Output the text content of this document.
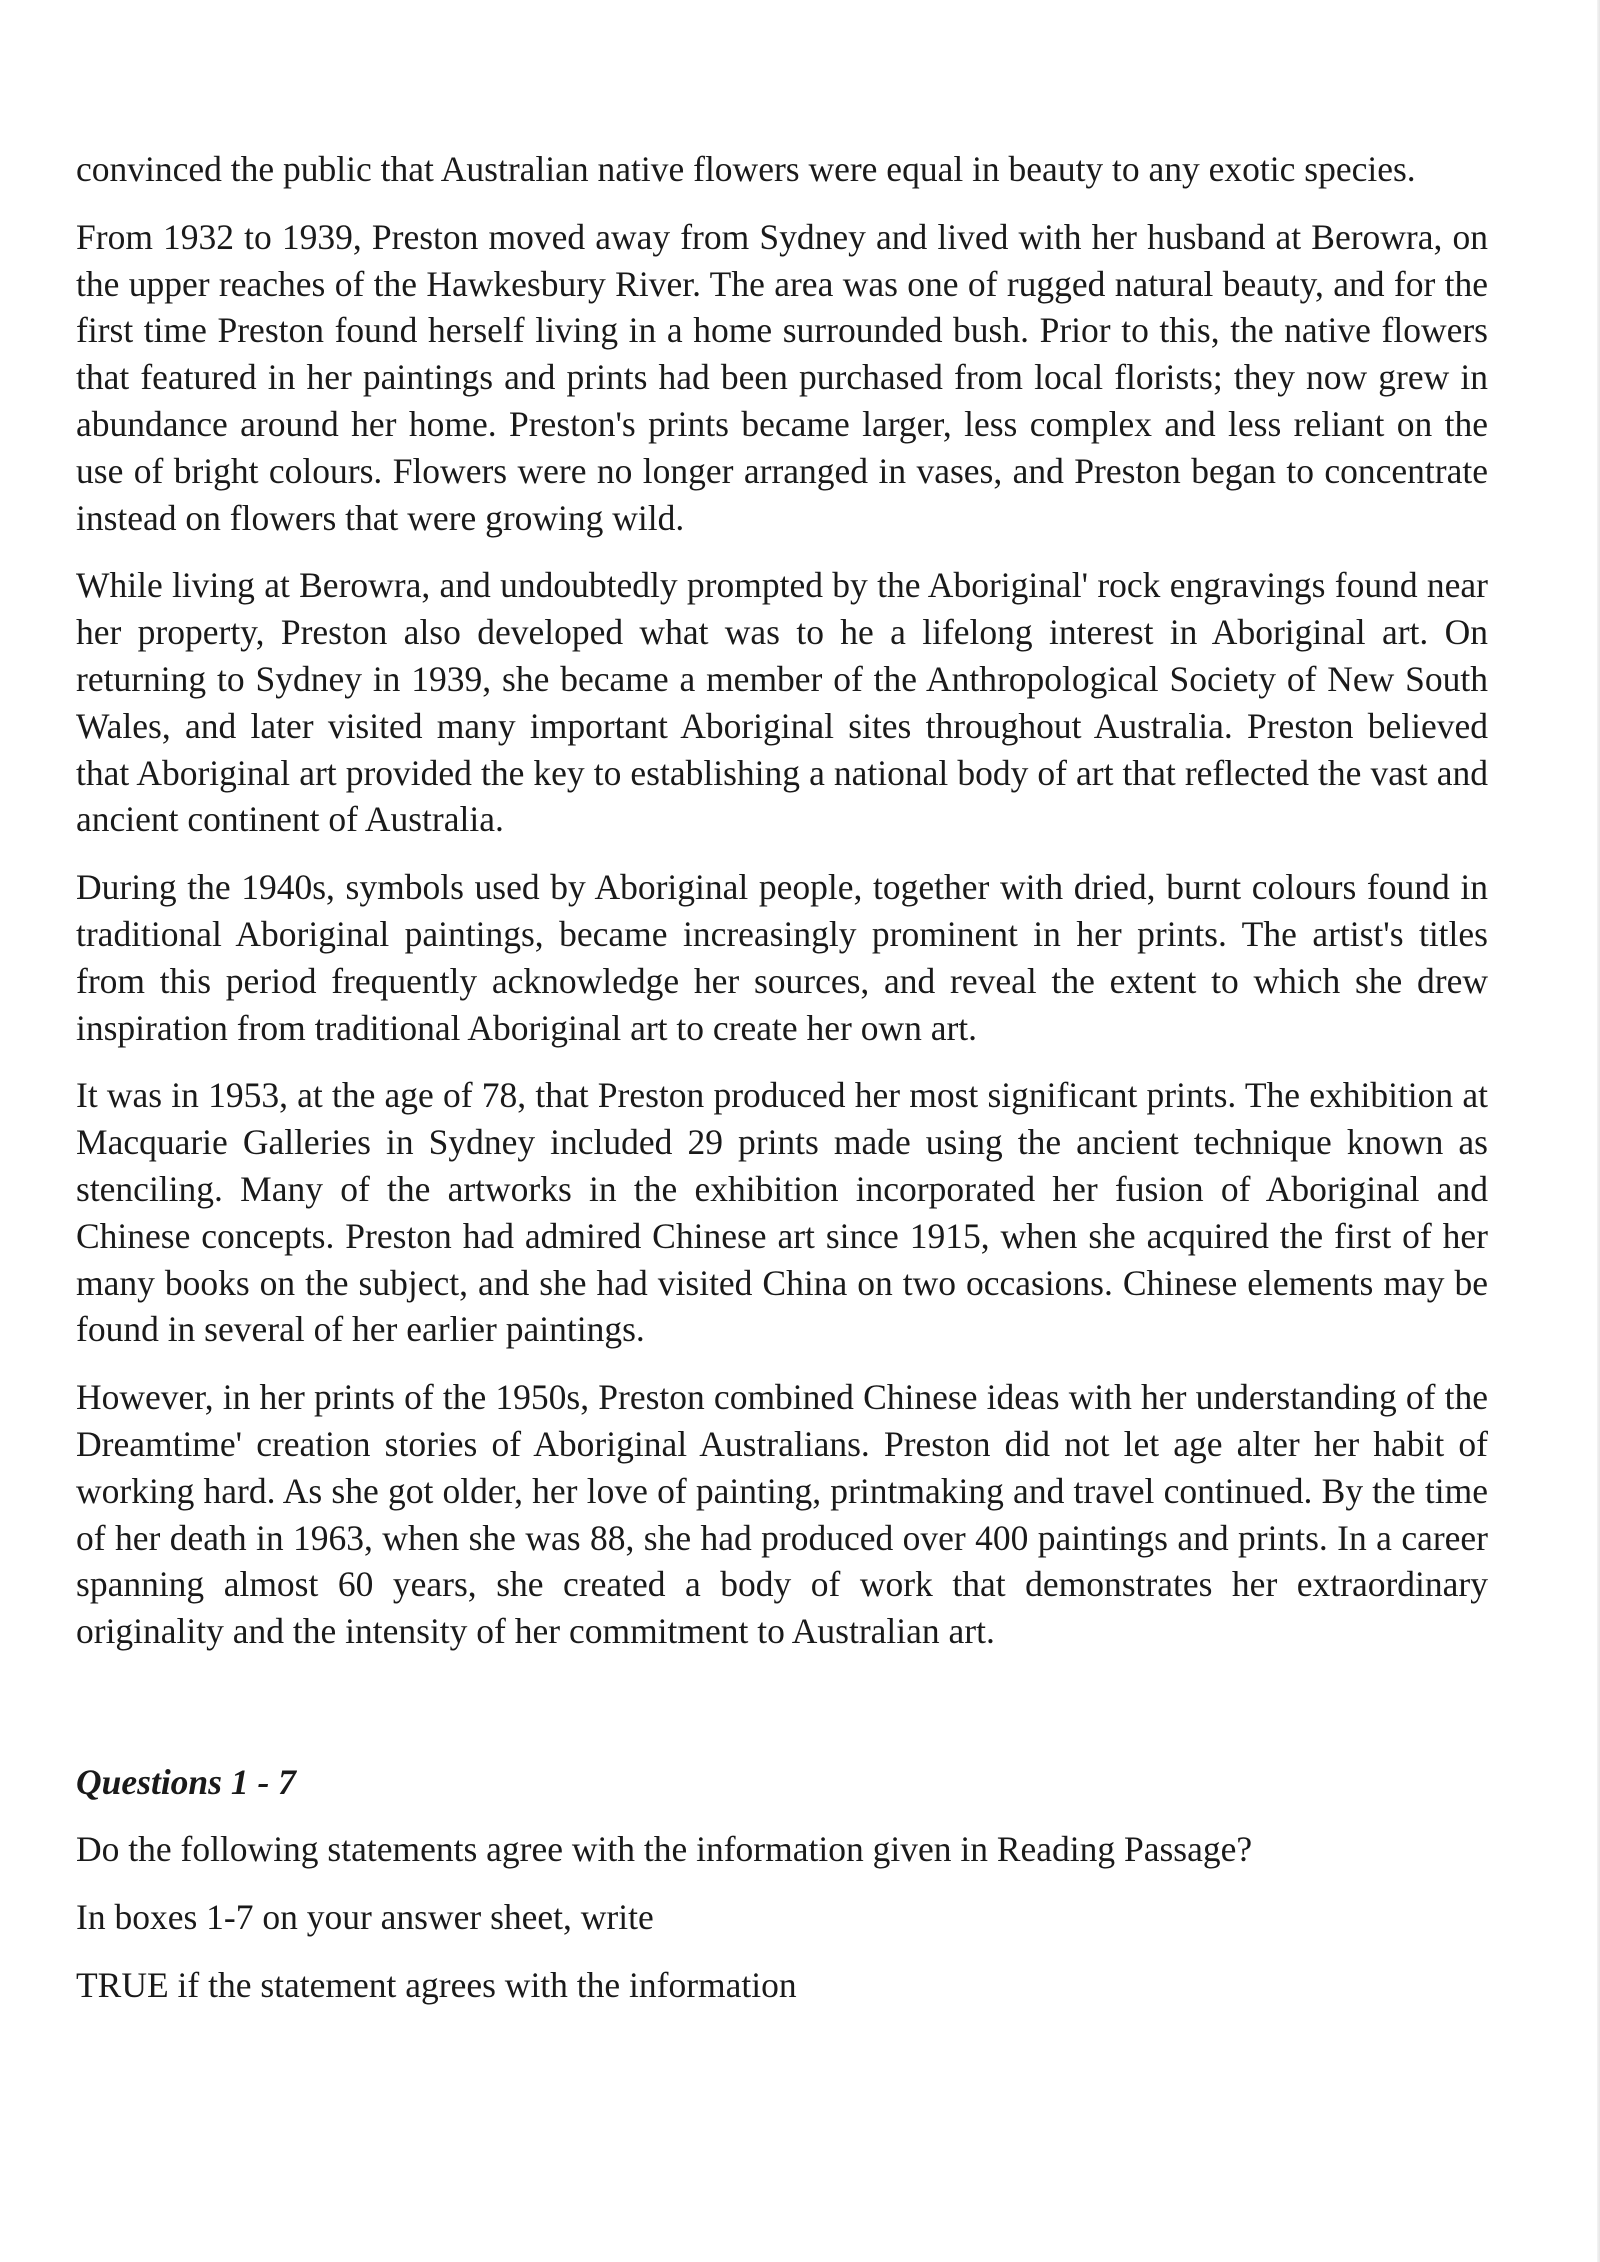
convinced the public that Australian native flowers were equal in beauty to any exotic species.

From 1932 to 1939, Preston moved away from Sydney and lived with her husband at Berowra, on the upper reaches of the Hawkesbury River. The area was one of rugged natural beauty, and for the first time Preston found herself living in a home surrounded bush. Prior to this, the native flowers that featured in her paintings and prints had been purchased from local florists; they now grew in abundance around her home. Preston's prints became larger, less complex and less reliant on the use of bright colours. Flowers were no longer arranged in vases, and Preston began to concentrate instead on flowers that were growing wild.

While living at Berowra, and undoubtedly prompted by the Aboriginal' rock engravings found near her property, Preston also developed what was to he a lifelong interest in Aboriginal art. On returning to Sydney in 1939, she became a member of the Anthropological Society of New South Wales, and later visited many important Aboriginal sites throughout Australia. Preston believed that Aboriginal art provided the key to establishing a national body of art that reflected the vast and ancient continent of Australia.

During the 1940s, symbols used by Aboriginal people, together with dried, burnt colours found in traditional Aboriginal paintings, became increasingly prominent in her prints. The artist's titles from this period frequently acknowledge her sources, and reveal the extent to which she drew inspiration from traditional Aboriginal art to create her own art.

It was in 1953, at the age of 78, that Preston produced her most significant prints. The exhibition at Macquarie Galleries in Sydney included 29 prints made using the ancient technique known as stenciling. Many of the artworks in the exhibition incorporated her fusion of Aboriginal and Chinese concepts. Preston had admired Chinese art since 1915, when she acquired the first of her many books on the subject, and she had visited China on two occasions. Chinese elements may be found in several of her earlier paintings.

However, in her prints of the 1950s, Preston combined Chinese ideas with her understanding of the Dreamtime' creation stories of Aboriginal Australians. Preston did not let age alter her habit of working hard. As she got older, her love of painting, printmaking and travel continued. By the time of her death in 1963, when she was 88, she had produced over 400 paintings and prints. In a career spanning almost 60 years, she created a body of work that demonstrates her extraordinary originality and the intensity of her commitment to Australian art.

Questions 1 - 7

Do the following statements agree with the information given in Reading Passage?

In boxes 1-7 on your answer sheet, write

TRUE if the statement agrees with the information
